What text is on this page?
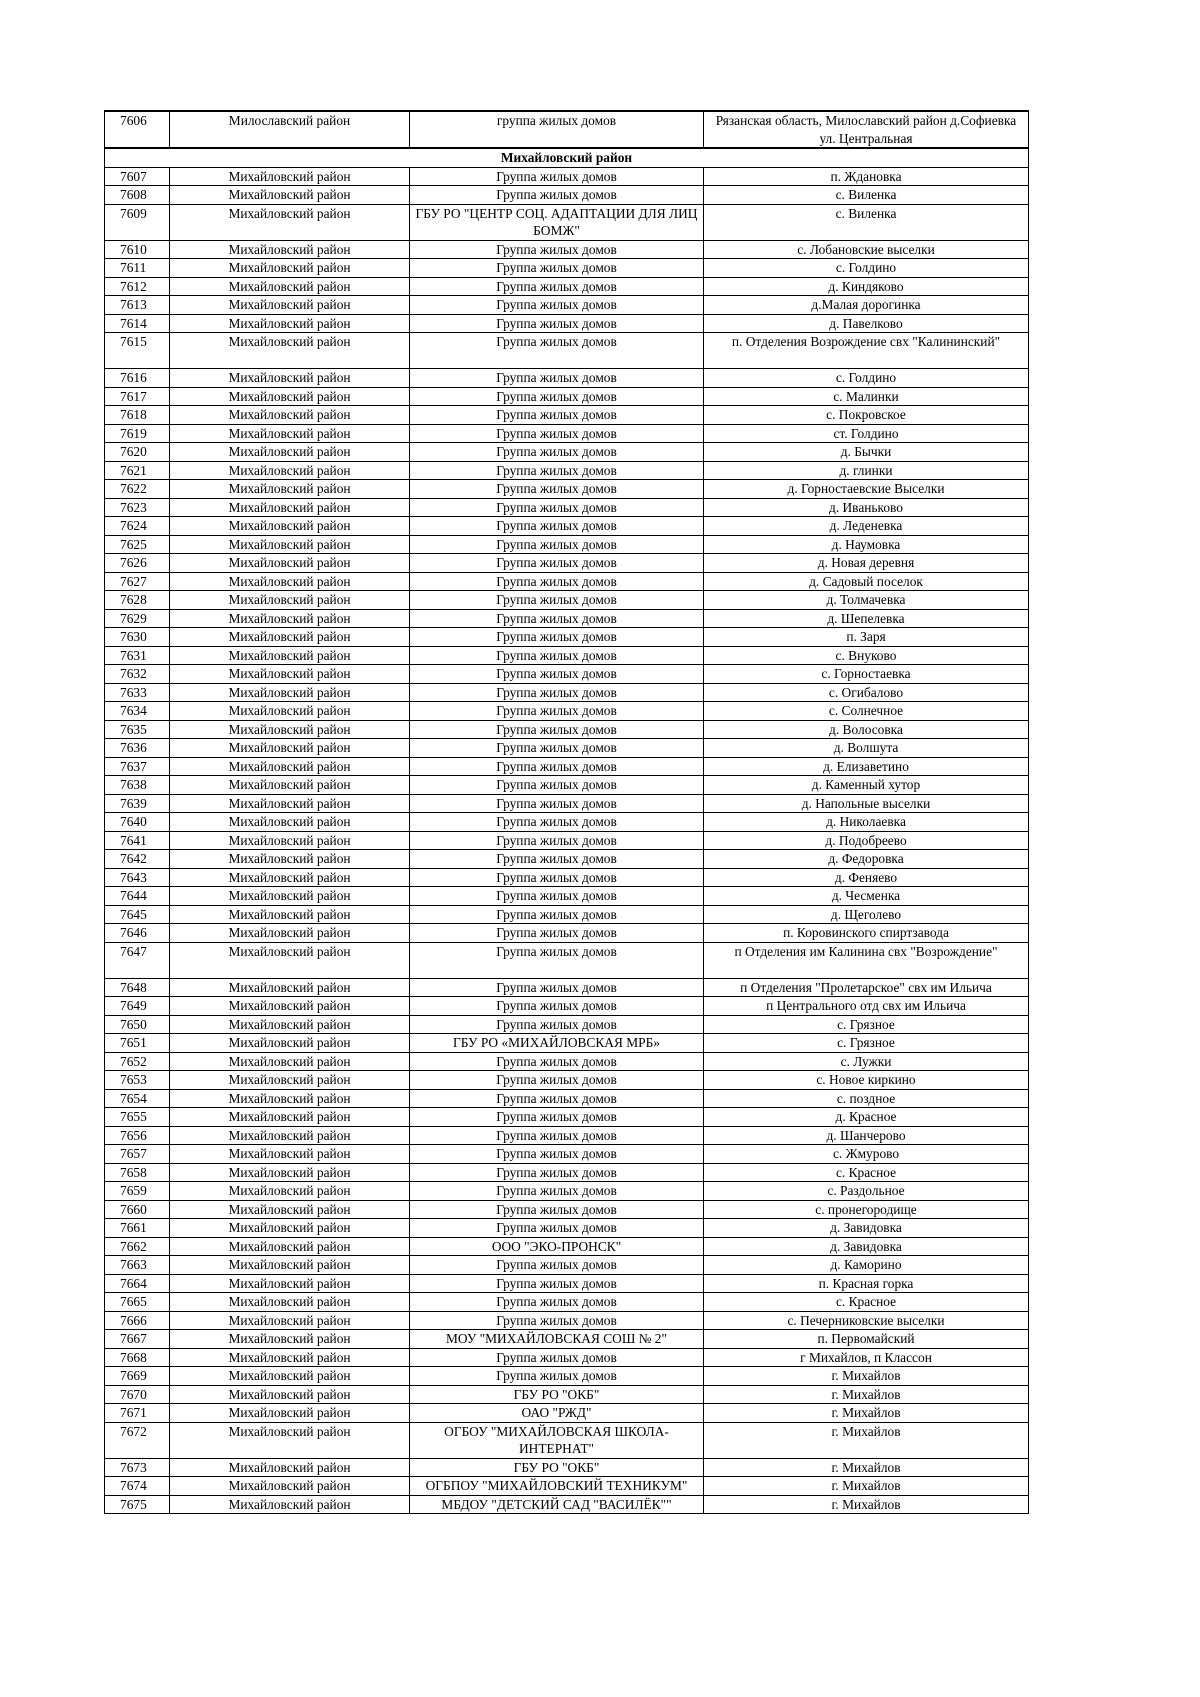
7606	Милославский район	группа жилых домов	Рязанская область, Милославский район д.Софиевка ул. Центральная
Михайловский район			
7607	Михайловский район	Группа жилых домов	п. Ждановка
7608	Михайловский район	Группа жилых домов	с. Виленка
7609	Михайловский район	ГБУ РО "ЦЕНТР СОЦ. АДАПТАЦИИ ДЛЯ ЛИЦ БОМЖ"	с. Виленка
7610	Михайловский район	Группа жилых домов	с. Лобановские выселки
7611	Михайловский район	Группа жилых домов	с. Голдино
7612	Михайловский район	Группа жилых домов	д. Киндяково
7613	Михайловский район	Группа жилых домов	д.Малая дорогинка
7614	Михайловский район	Группа жилых домов	д. Павелково
7615	Михайловский район	Группа жилых домов	п. Отделения Возрождение свх "Калининский"
7616	Михайловский район	Группа жилых домов	с. Голдино
7617	Михайловский район	Группа жилых домов	с. Малинки
7618	Михайловский район	Группа жилых домов	с. Покровское
7619	Михайловский район	Группа жилых домов	ст. Голдино
7620	Михайловский район	Группа жилых домов	д. Бычки
7621	Михайловский район	Группа жилых домов	д. глинки
7622	Михайловский район	Группа жилых домов	д. Горностаевские Выселки
7623	Михайловский район	Группа жилых домов	д. Иваньково
7624	Михайловский район	Группа жилых домов	д. Леденевка
7625	Михайловский район	Группа жилых домов	д. Наумовка
7626	Михайловский район	Группа жилых домов	д. Новая деревня
7627	Михайловский район	Группа жилых домов	д. Садовый поселок
7628	Михайловский район	Группа жилых домов	д. Толмачевка
7629	Михайловский район	Группа жилых домов	д. Шепелевка
7630	Михайловский район	Группа жилых домов	п. Заря
7631	Михайловский район	Группа жилых домов	с. Внуково
7632	Михайловский район	Группа жилых домов	с. Горностаевка
7633	Михайловский район	Группа жилых домов	с. Огибалово
7634	Михайловский район	Группа жилых домов	с. Солнечное
7635	Михайловский район	Группа жилых домов	д. Волосовка
7636	Михайловский район	Группа жилых домов	д. Волшута
7637	Михайловский район	Группа жилых домов	д. Елизаветино
7638	Михайловский район	Группа жилых домов	д. Каменный хутор
7639	Михайловский район	Группа жилых домов	д. Напольные выселки
7640	Михайловский район	Группа жилых домов	д. Николаевка
7641	Михайловский район	Группа жилых домов	д. Подобреево
7642	Михайловский район	Группа жилых домов	д. Федоровка
7643	Михайловский район	Группа жилых домов	д. Феняево
7644	Михайловский район	Группа жилых домов	д. Чесменка
7645	Михайловский район	Группа жилых домов	д. Щеголево
7646	Михайловский район	Группа жилых домов	п. Коровинского спиртзавода
7647	Михайловский район	Группа жилых домов	п Отделения им Калинина свх "Возрождение"
7648	Михайловский район	Группа жилых домов	п Отделения "Пролетарское" свх им Ильича
7649	Михайловский район	Группа жилых домов	п Центрального отд свх им Ильича
7650	Михайловский район	Группа жилых домов	с. Грязное
7651	Михайловский район	ГБУ РО «МИХАЙЛОВСКАЯ МРБ»	с. Грязное
7652	Михайловский район	Группа жилых домов	с. Лужки
7653	Михайловский район	Группа жилых домов	с. Новое киркино
7654	Михайловский район	Группа жилых домов	с. поздное
7655	Михайловский район	Группа жилых домов	д. Красное
7656	Михайловский район	Группа жилых домов	д. Шанчерово
7657	Михайловский район	Группа жилых домов	с. Жмурово
7658	Михайловский район	Группа жилых домов	с. Красное
7659	Михайловский район	Группа жилых домов	с. Раздольное
7660	Михайловский район	Группа жилых домов	с. пронегородище
7661	Михайловский район	Группа жилых домов	д. Завидовка
7662	Михайловский район	ООО "ЭКО-ПРОНСК"	д. Завидовка
7663	Михайловский район	Группа жилых домов	д. Каморино
7664	Михайловский район	Группа жилых домов	п. Красная горка
7665	Михайловский район	Группа жилых домов	с. Красное
7666	Михайловский район	Группа жилых домов	с. Печерниковские выселки
7667	Михайловский район	МОУ "МИХАЙЛОВСКАЯ СОШ № 2"	п. Первомайский
7668	Михайловский район	Группа жилых домов	г Михайлов, п Классон
7669	Михайловский район	Группа жилых домов	г. Михайлов
7670	Михайловский район	ГБУ РО "ОКБ"	г. Михайлов
7671	Михайловский район	ОАО "РЖД"	г. Михайлов
7672	Михайловский район	ОГБОУ "МИХАЙЛОВСКАЯ ШКОЛА-ИНТЕРНАТ"	г. Михайлов
7673	Михайловский район	ГБУ РО "ОКБ"	г. Михайлов
7674	Михайловский район	ОГБПОУ "МИХАЙЛОВСКИЙ ТЕХНИКУМ"	г. Михайлов
7675	Михайловский район	МБДОУ "ДЕТСКИЙ САД "ВАСИЛЁК""	г. Михайлов
